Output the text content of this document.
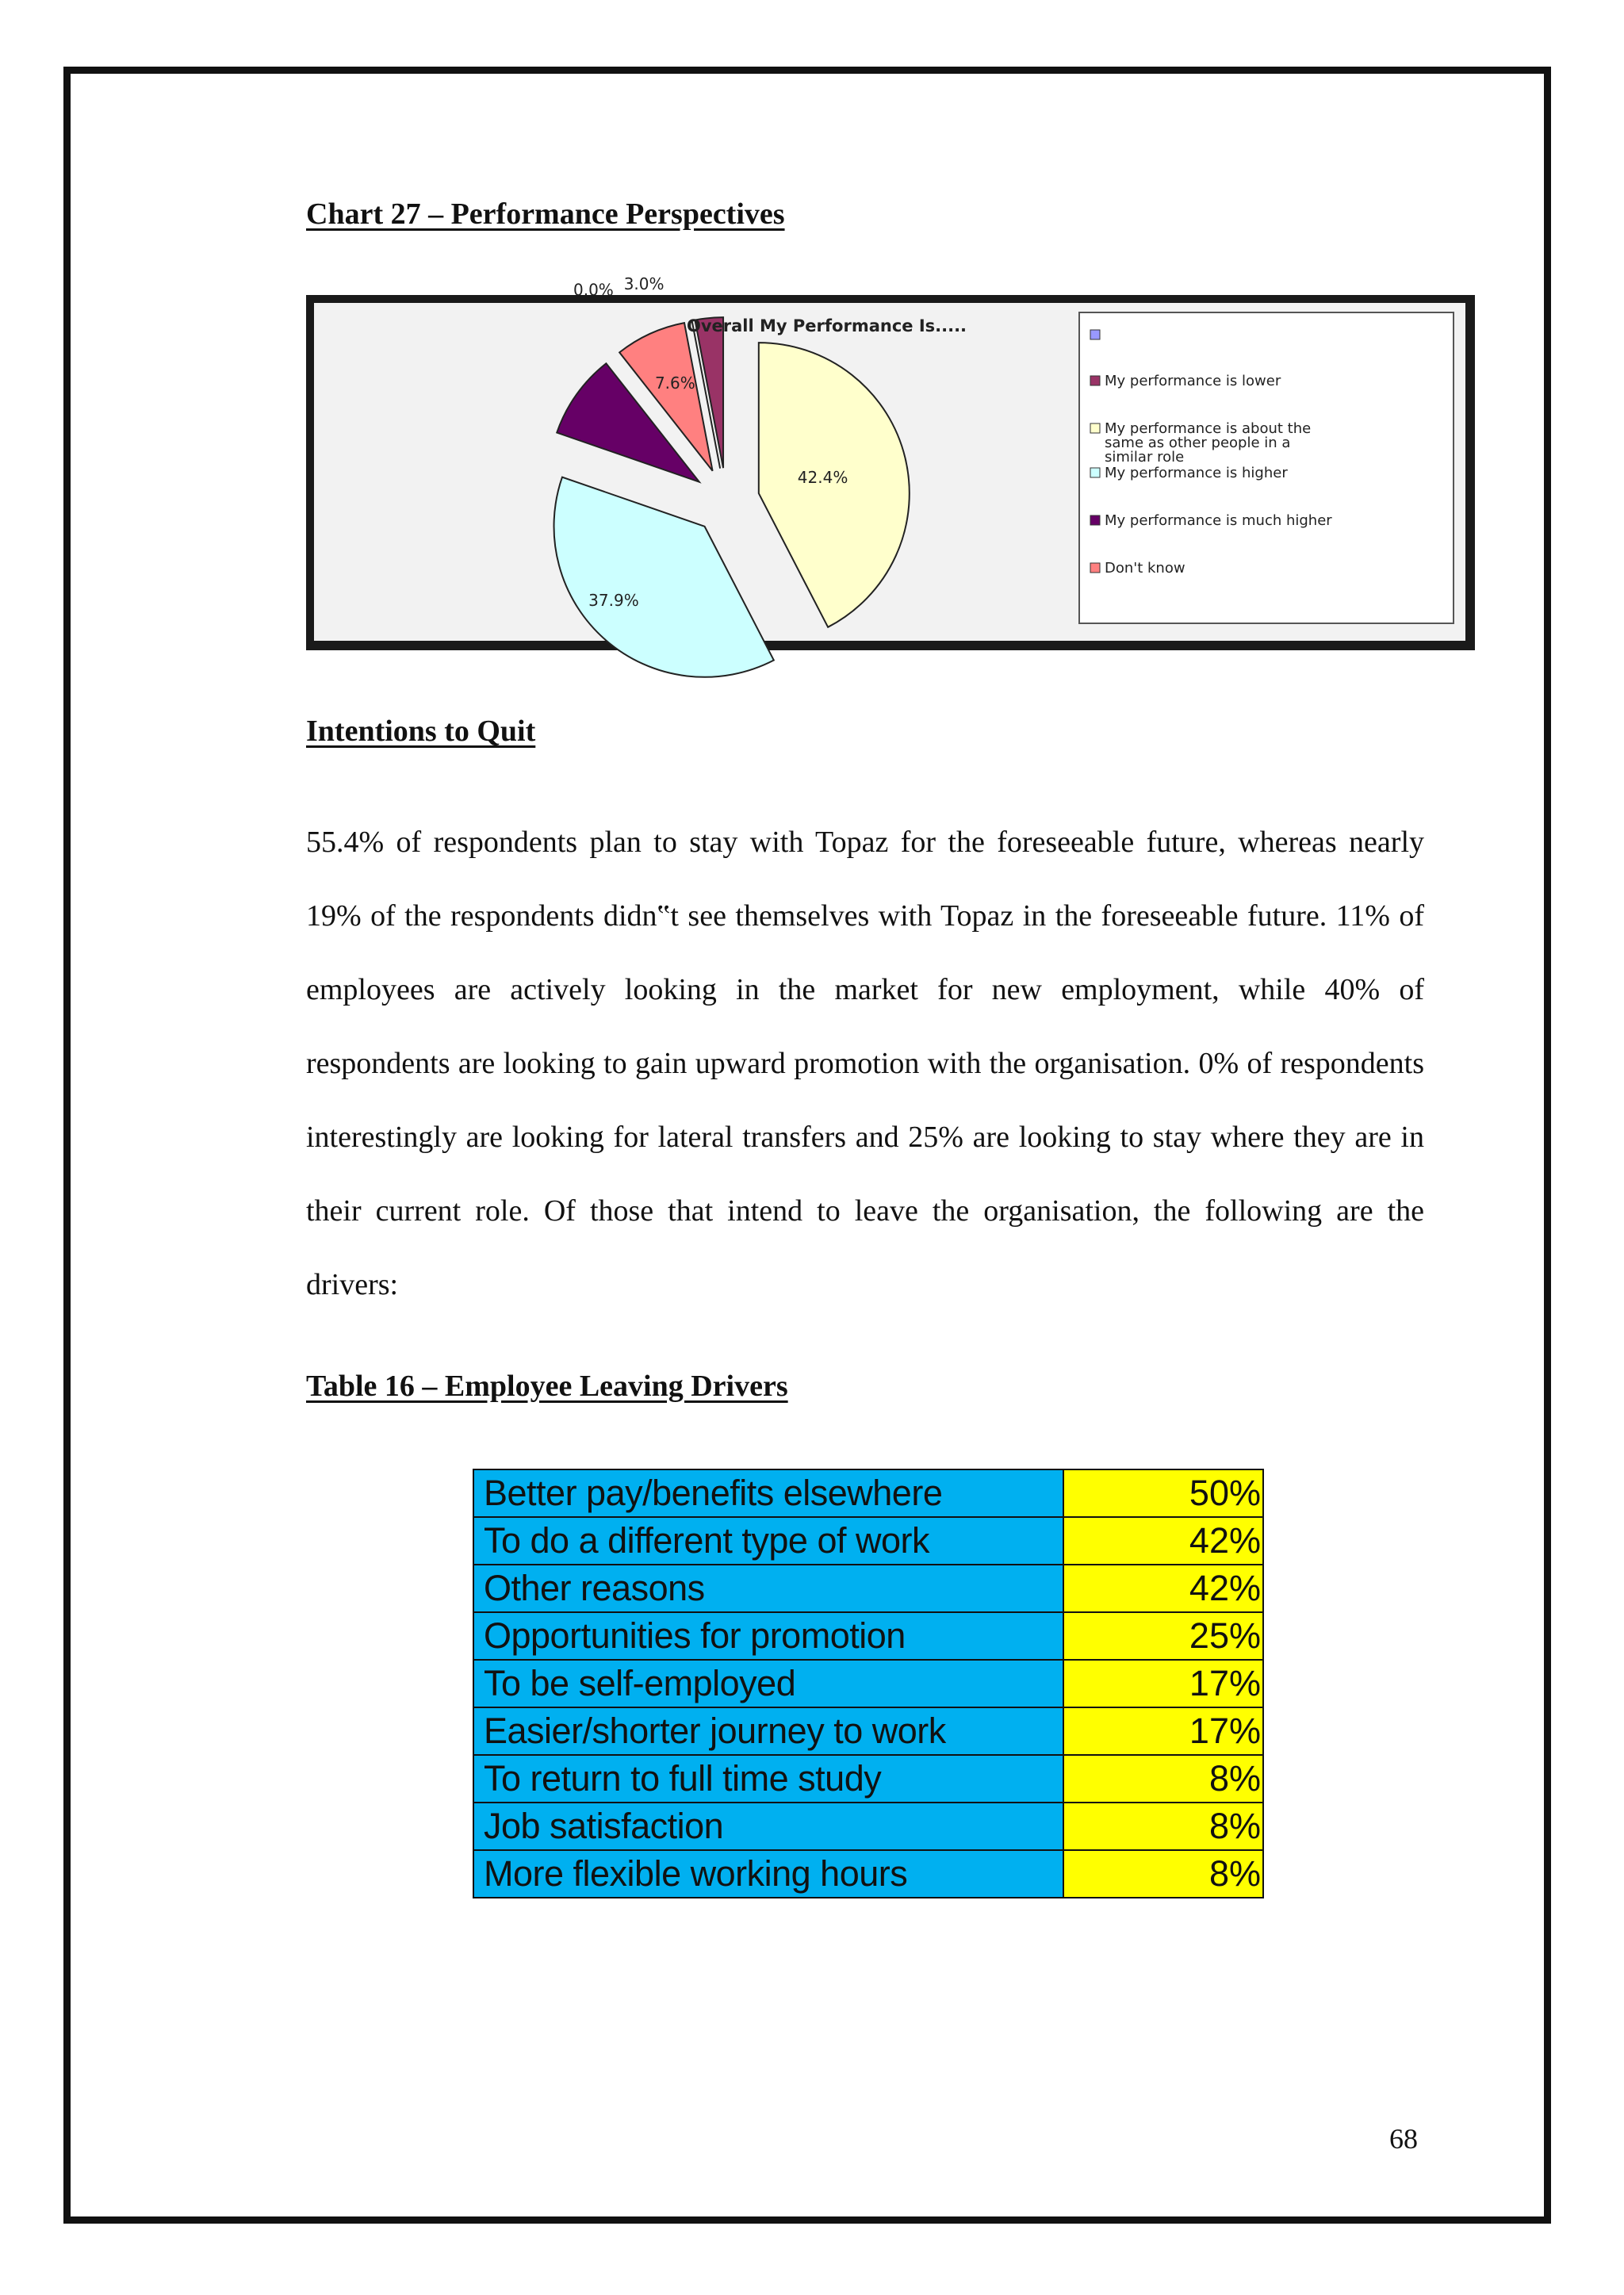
Chart 27 – Performance Perspectives
42.4%
37.9%
7.6%
0.0% 3.0%
Overall My Performance Is.....
My performance is lower
My performance is about the same as other people in a similar role
My performance is higher
My performance is much higher
Don't know
Intentions to Quit
55.4% of respondents plan to stay with Topaz for the foreseeable future, whereas nearly 19% of the respondents didn‟t see themselves with Topaz in the foreseeable future. 11% of employees are actively looking in the market for new employment, while 40% of respondents are looking to gain upward promotion with the organisation. 0% of respondents interestingly are looking for lateral transfers and 25% are looking to stay where they are in their current role. Of those that intend to leave the organisation, the following are the drivers:
Table 16 – Employee Leaving Drivers
Better pay/benefits elsewhere	50%
To do a different type of work	42%
Other reasons	42%
Opportunities for promotion	25%
To be self-employed	17%
Easier/shorter journey to work	17%
To return to full time study	8%
Job satisfaction	8%
More flexible working hours	8%
68
